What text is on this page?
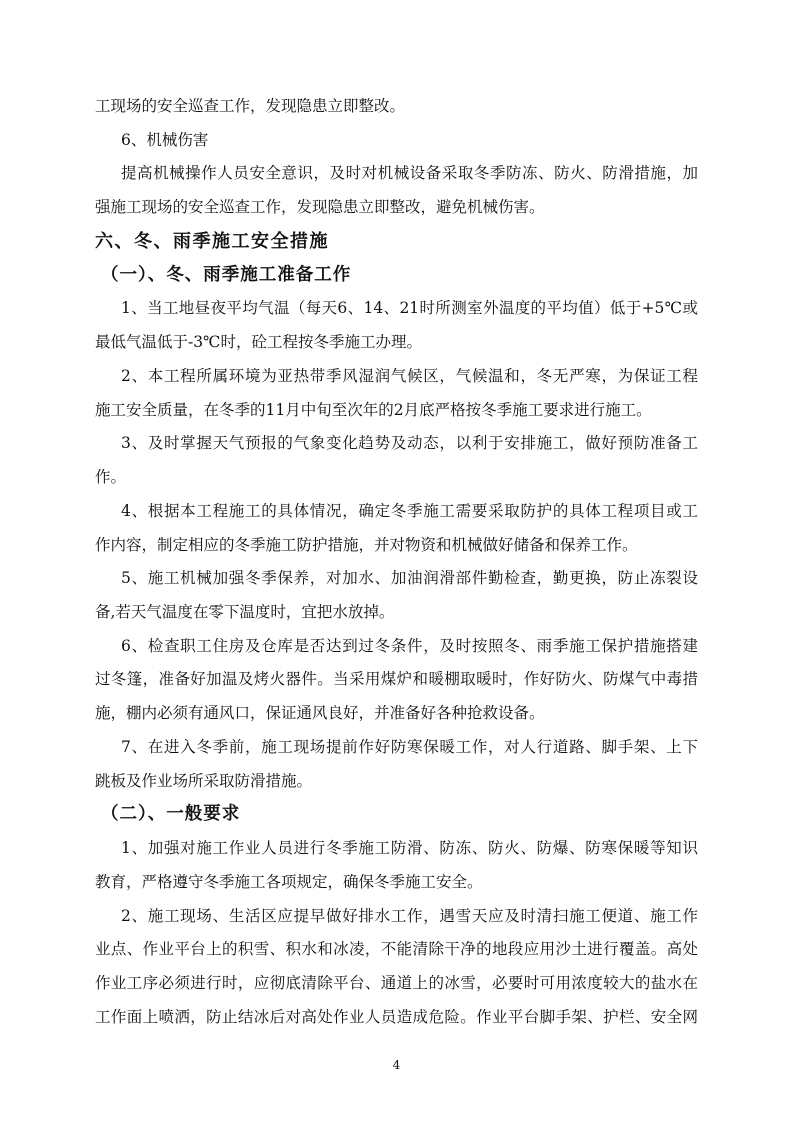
工现场的安全巡查工作，发现隐患立即整改。
6、机械伤害
提高机械操作人员安全意识，及时对机械设备采取冬季防冻、防火、防滑措施，加
强施工现场的安全巡查工作，发现隐患立即整改，避免机械伤害。
六、冬、雨季施工安全措施
（一）、冬、雨季施工准备工作
1、当工地昼夜平均气温（每天6、14、21时所测室外温度的平均值）低于+5℃或
最低气温低于-3℃时，砼工程按冬季施工办理。
2、本工程所属环境为亚热带季风湿润气候区，气候温和，冬无严寒，为保证工程
施工安全质量，在冬季的11月中旬至次年的2月底严格按冬季施工要求进行施工。
3、及时掌握天气预报的气象变化趋势及动态，以利于安排施工，做好预防准备工
作。
4、根据本工程施工的具体情况，确定冬季施工需要采取防护的具体工程项目或工
作内容，制定相应的冬季施工防护措施，并对物资和机械做好储备和保养工作。
5、施工机械加强冬季保养，对加水、加油润滑部件勤检查，勤更换，防止冻裂设
备,若天气温度在零下温度时，宜把水放掉。
6、检查职工住房及仓库是否达到过冬条件，及时按照冬、雨季施工保护措施搭建
过冬篷，准备好加温及烤火器件。当采用煤炉和暖棚取暖时，作好防火、防煤气中毒措
施，棚内必须有通风口，保证通风良好，并准备好各种抢救设备。
7、在进入冬季前，施工现场提前作好防寒保暖工作，对人行道路、脚手架、上下
跳板及作业场所采取防滑措施。
（二）、一般要求
1、加强对施工作业人员进行冬季施工防滑、防冻、防火、防爆、防寒保暖等知识
教育，严格遵守冬季施工各项规定，确保冬季施工安全。
2、施工现场、生活区应提早做好排水工作，遇雪天应及时清扫施工便道、施工作
业点、作业平台上的积雪、积水和冰凌，不能清除干净的地段应用沙土进行覆盖。高处
作业工序必须进行时，应彻底清除平台、通道上的冰雪，必要时可用浓度较大的盐水在
工作面上喷洒，防止结冰后对高处作业人员造成危险。作业平台脚手架、护栏、安全网
4
